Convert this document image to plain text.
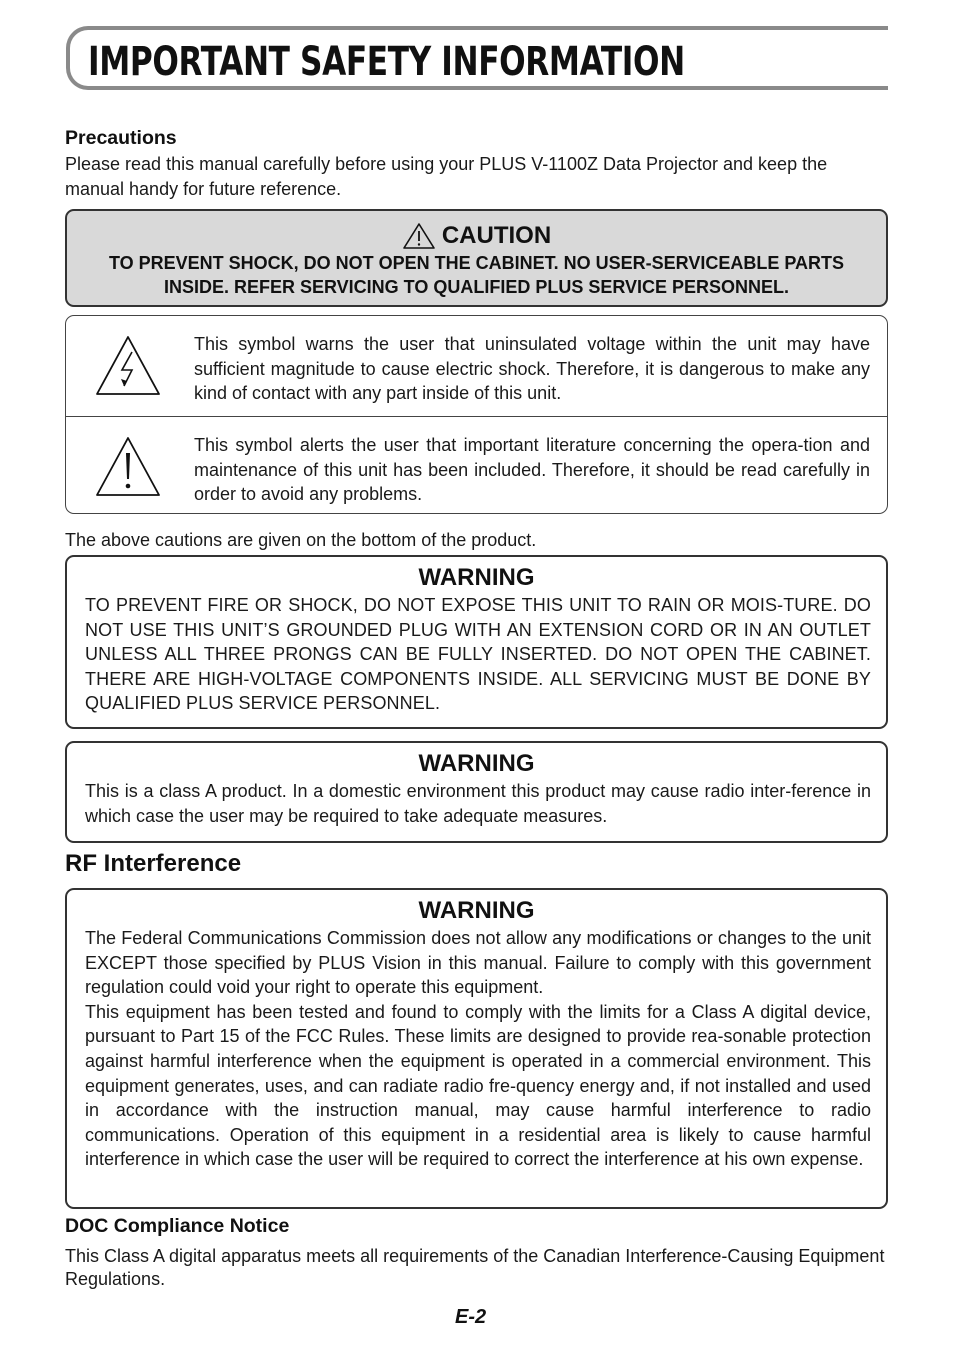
IMPORTANT SAFETY INFORMATION
Precautions

Please read this manual carefully before using your PLUS V-1100Z Data Projector and keep the manual handy for future reference.

CAUTION

TO PREVENT SHOCK, DO NOT OPEN THE CABINET. NO USER-SERVICEABLE PARTS INSIDE. REFER SERVICING TO QUALIFIED PLUS SERVICE PERSONNEL.

This symbol warns the user that uninsulated voltage within the unit may have sufficient magnitude to cause electric shock. Therefore, it is dangerous to make any kind of contact with any part inside of this unit.

This symbol alerts the user that important literature concerning the opera-tion and maintenance of this unit has been included. Therefore, it should be read carefully in order to avoid any problems.

The above cautions are given on the bottom of the product.

WARNING

TO PREVENT FIRE OR SHOCK, DO NOT EXPOSE THIS UNIT TO RAIN OR MOIS-TURE. DO NOT USE THIS UNIT’S GROUNDED PLUG WITH AN EXTENSION CORD OR IN AN OUTLET UNLESS ALL THREE PRONGS CAN BE FULLY INSERTED. DO NOT OPEN THE CABINET. THERE ARE HIGH-VOLTAGE COMPONENTS INSIDE. ALL SERVICING MUST BE DONE BY QUALIFIED PLUS SERVICE PERSONNEL.

WARNING

This is a class A product. In a domestic environment this product may cause radio inter-ference in which case the user may be required to take adequate measures.

RF Interference
WARNING

The Federal Communications Commission does not allow any modifications or changes to the unit EXCEPT those specified by PLUS Vision in this manual. Failure to comply with this government regulation could void your right to operate this equipment.

This equipment has been tested and found to comply with the limits for a Class A digital device, pursuant to Part 15 of the FCC Rules. These limits are designed to provide rea-sonable protection against harmful interference when the equipment is operated in a commercial environment. This equipment generates, uses, and can radiate radio fre-quency energy and, if not installed and used in accordance with the instruction manual, may cause harmful interference to radio communications. Operation of this equipment in a residential area is likely to cause harmful interference in which case the user will be required to correct the interference at his own expense.

DOC Compliance Notice

This Class A digital apparatus meets all requirements of the Canadian Interference-Causing Equipment Regulations.

E-2
